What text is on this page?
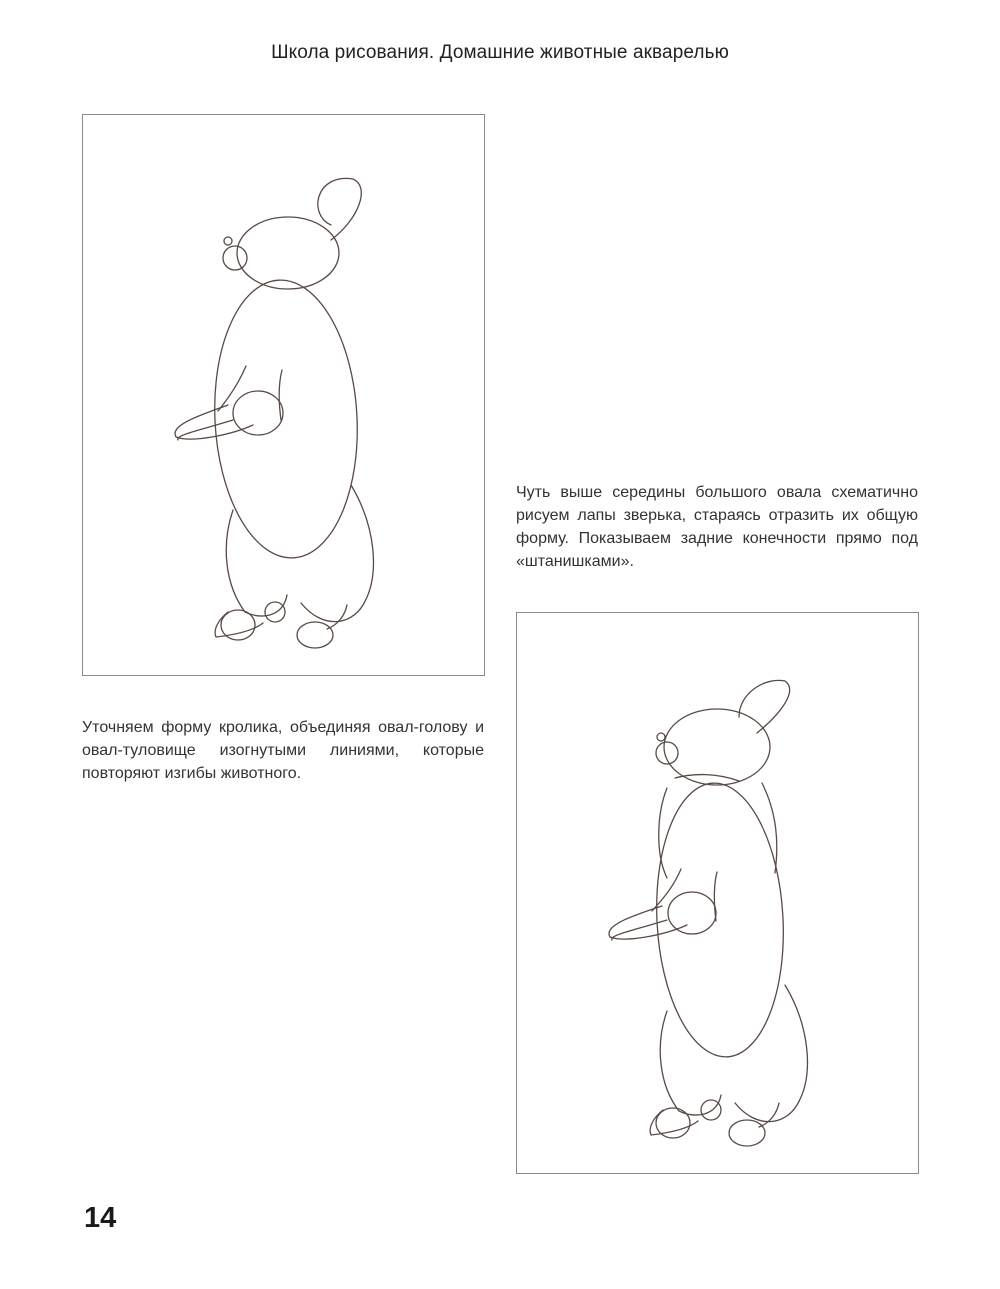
Школа рисования. Домашние животные акварелью

Чуть выше середины большого овала схематично рисуем лапы зверька, стараясь отразить их общую форму. Показываем задние конечности прямо под «штанишками».

Уточняем форму кролика, объединяя овал-голову и овал-туловище изогнутыми линиями, которые повторяют изгибы животного.

14
